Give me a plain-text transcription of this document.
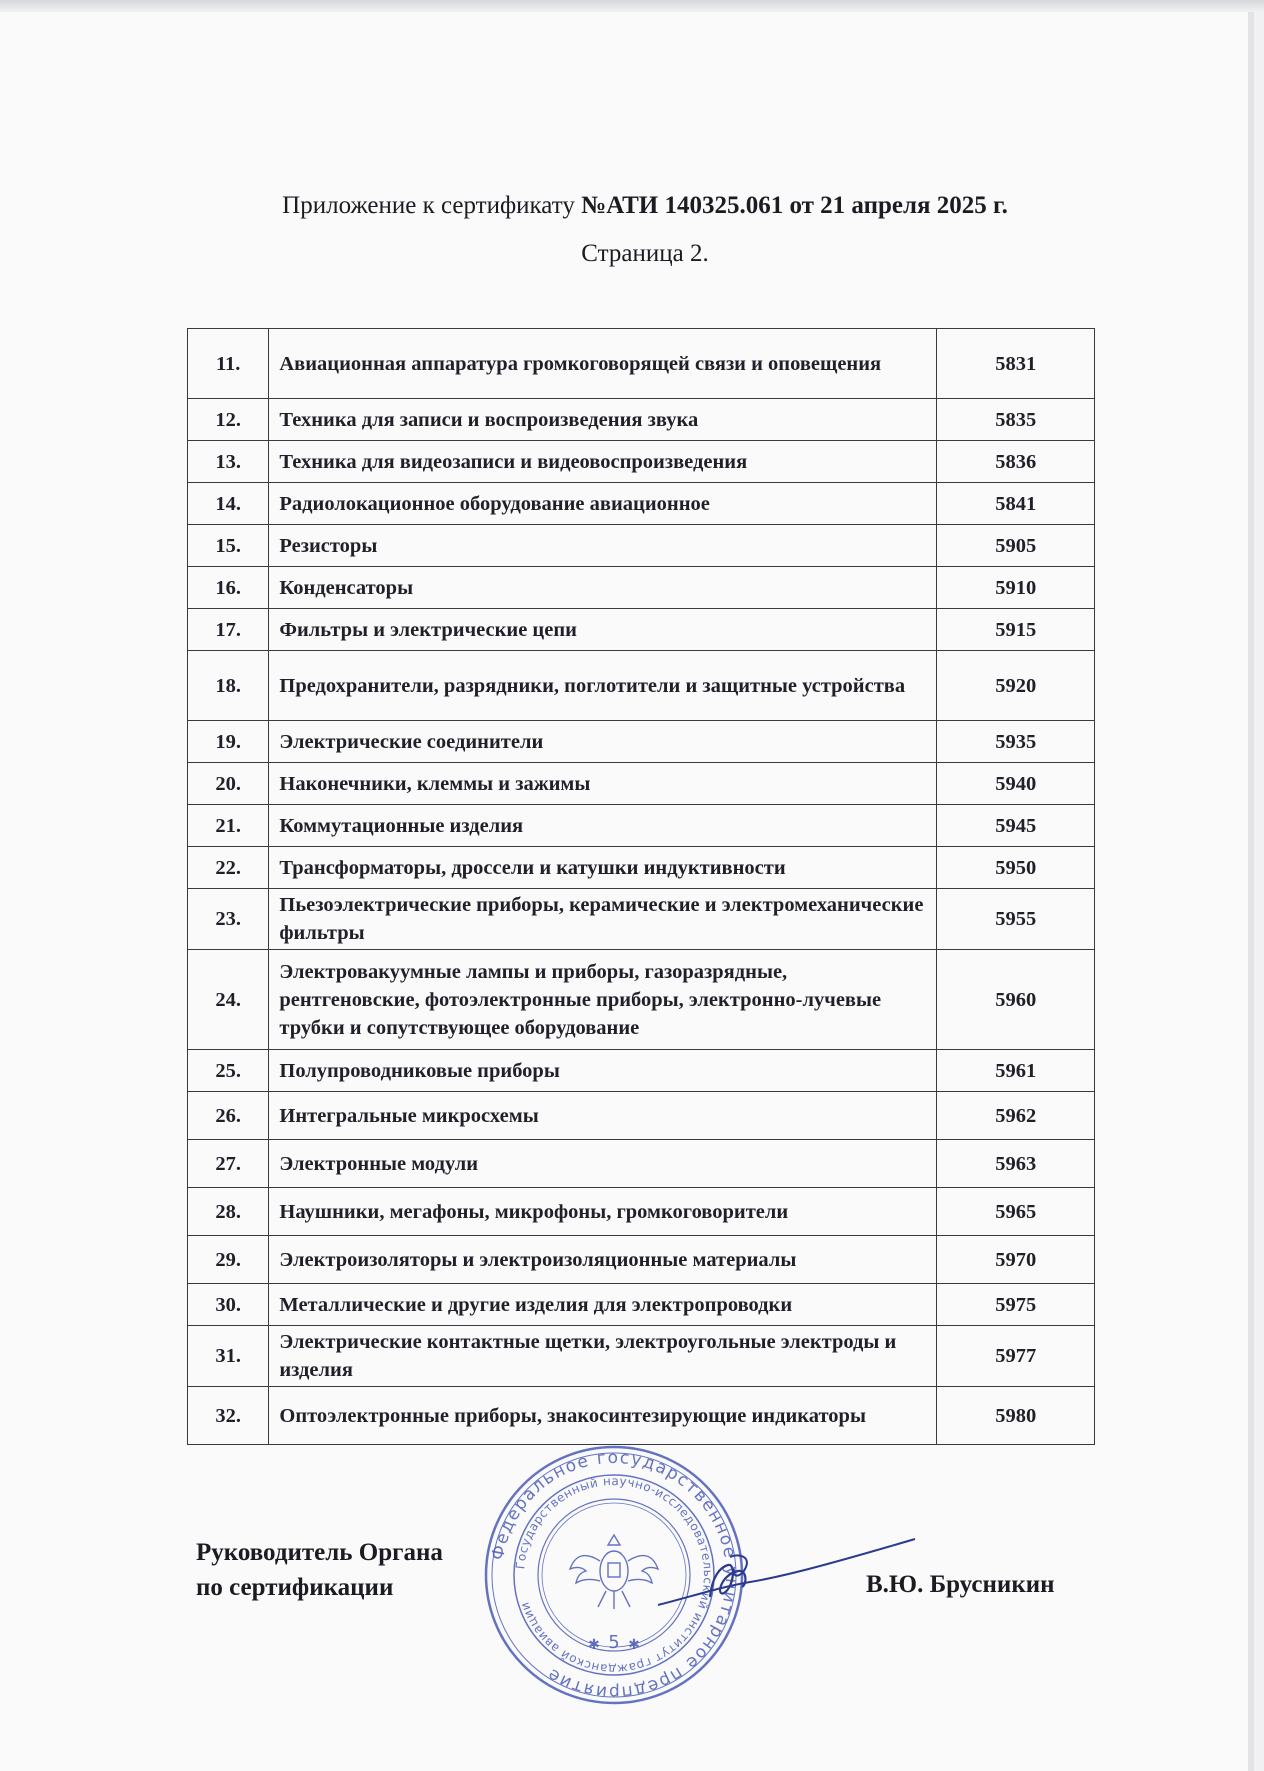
Приложение к сертификату №АТИ 140325.061 от 21 апреля 2025 г.
Страница 2.
11.	Авиационная аппаратура громкоговорящей связи и оповещения	5831
12.	Техника для записи и воспроизведения звука	5835
13.	Техника для видеозаписи и видеовоспроизведения	5836
14.	Радиолокационное оборудование авиационное	5841
15.	Резисторы	5905
16.	Конденсаторы	5910
17.	Фильтры и электрические цепи	5915
18.	Предохранители, разрядники, поглотители и защитные устройства	5920
19.	Электрические соединители	5935
20.	Наконечники, клеммы и зажимы	5940
21.	Коммутационные изделия	5945
22.	Трансформаторы, дроссели и катушки индуктивности	5950
23.	Пьезоэлектрические приборы, керамические и электромеханические фильтры	5955
24.	Электровакуумные лампы и приборы, газоразрядные, рентгеновские, фотоэлектронные приборы, электронно-лучевые трубки и сопутствующее оборудование	5960
25.	Полупроводниковые приборы	5961
26.	Интегральные микросхемы	5962
27.	Электронные модули	5963
28.	Наушники, мегафоны, микрофоны, громкоговорители	5965
29.	Электроизоляторы и электроизоляционные материалы	5970
30.	Металлические и другие изделия для электропроводки	5975
31.	Электрические контактные щетки, электроугольные электроды и изделия	5977
32.	Оптоэлектронные приборы, знакосинтезирующие индикаторы	5980
Руководитель Органа
по сертификации
Федеральное государственное унитарное предприятие
Государственный научно-исследовательский институт гражданской авиации
5
✱ ✱
В.Ю. Брусникин
